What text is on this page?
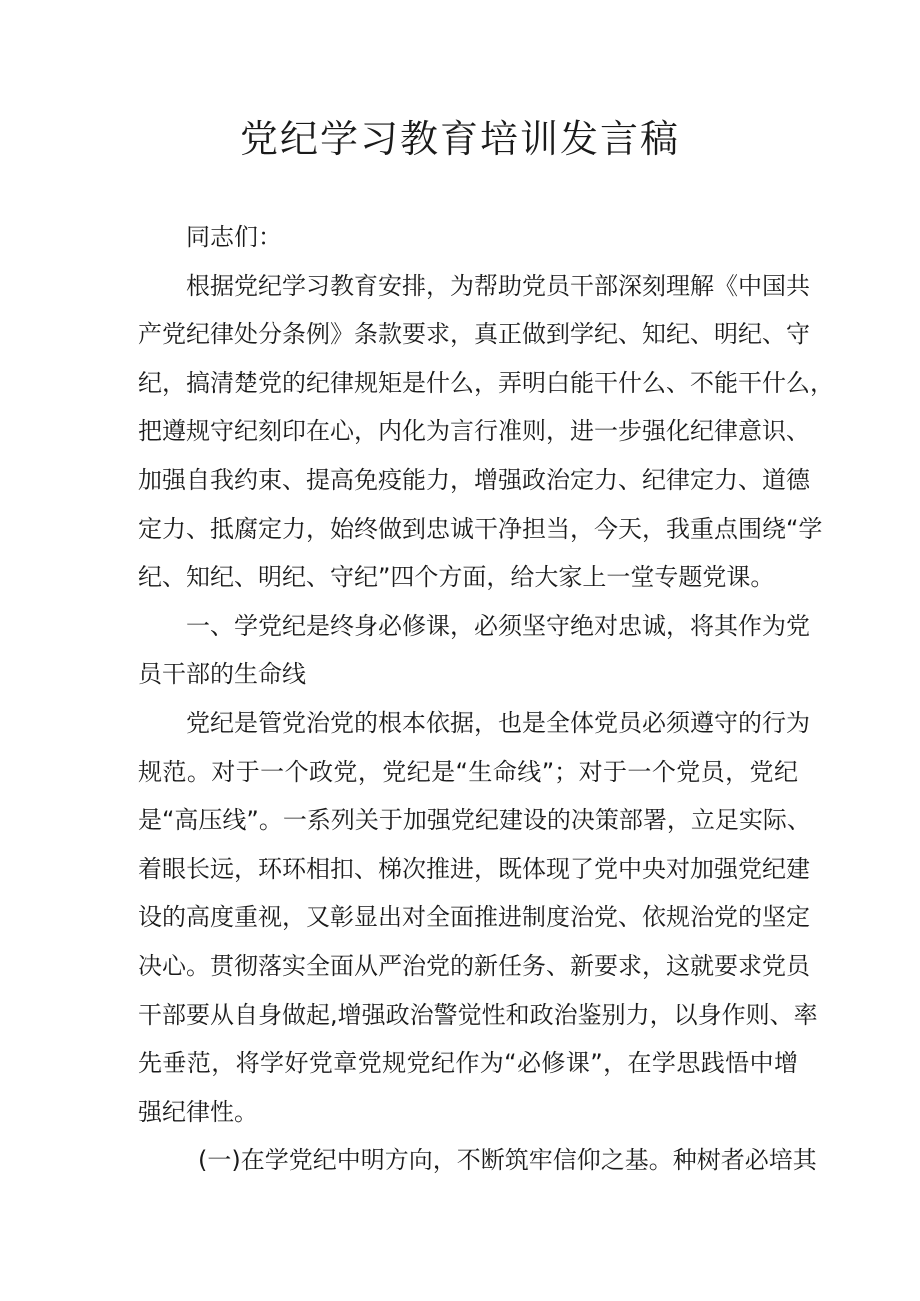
党纪学习教育培训发言稿
同志们：
根据党纪学习教育安排，为帮助党员干部深刻理解《中国共
产党纪律处分条例》条款要求，真正做到学纪、知纪、明纪、守
纪，搞清楚党的纪律规矩是什么，弄明白能干什么、不能干什么，
把遵规守纪刻印在心，内化为言行准则，进一步强化纪律意识、
加强自我约束、提高免疫能力，增强政治定力、纪律定力、道德
定力、抵腐定力，始终做到忠诚干净担当，今天，我重点围绕“学
纪、知纪、明纪、守纪”四个方面，给大家上一堂专题党课。
一、学党纪是终身必修课，必须坚守绝对忠诚，将其作为党
员干部的生命线
党纪是管党治党的根本依据，也是全体党员必须遵守的行为
规范。对于一个政党，党纪是“生命线”；对于一个党员，党纪
是“高压线”。一系列关于加强党纪建设的决策部署，立足实际、
着眼长远，环环相扣、梯次推进，既体现了党中央对加强党纪建
设的高度重视，又彰显出对全面推进制度治党、依规治党的坚定
决心。贯彻落实全面从严治党的新任务、新要求，这就要求党员
干部要从自身做起,增强政治警觉性和政治鉴别力，以身作则、率
先垂范，将学好党章党规党纪作为“必修课”，在学思践悟中增
强纪律性。
(一)在学党纪中明方向，不断筑牢信仰之基。种树者必培其
